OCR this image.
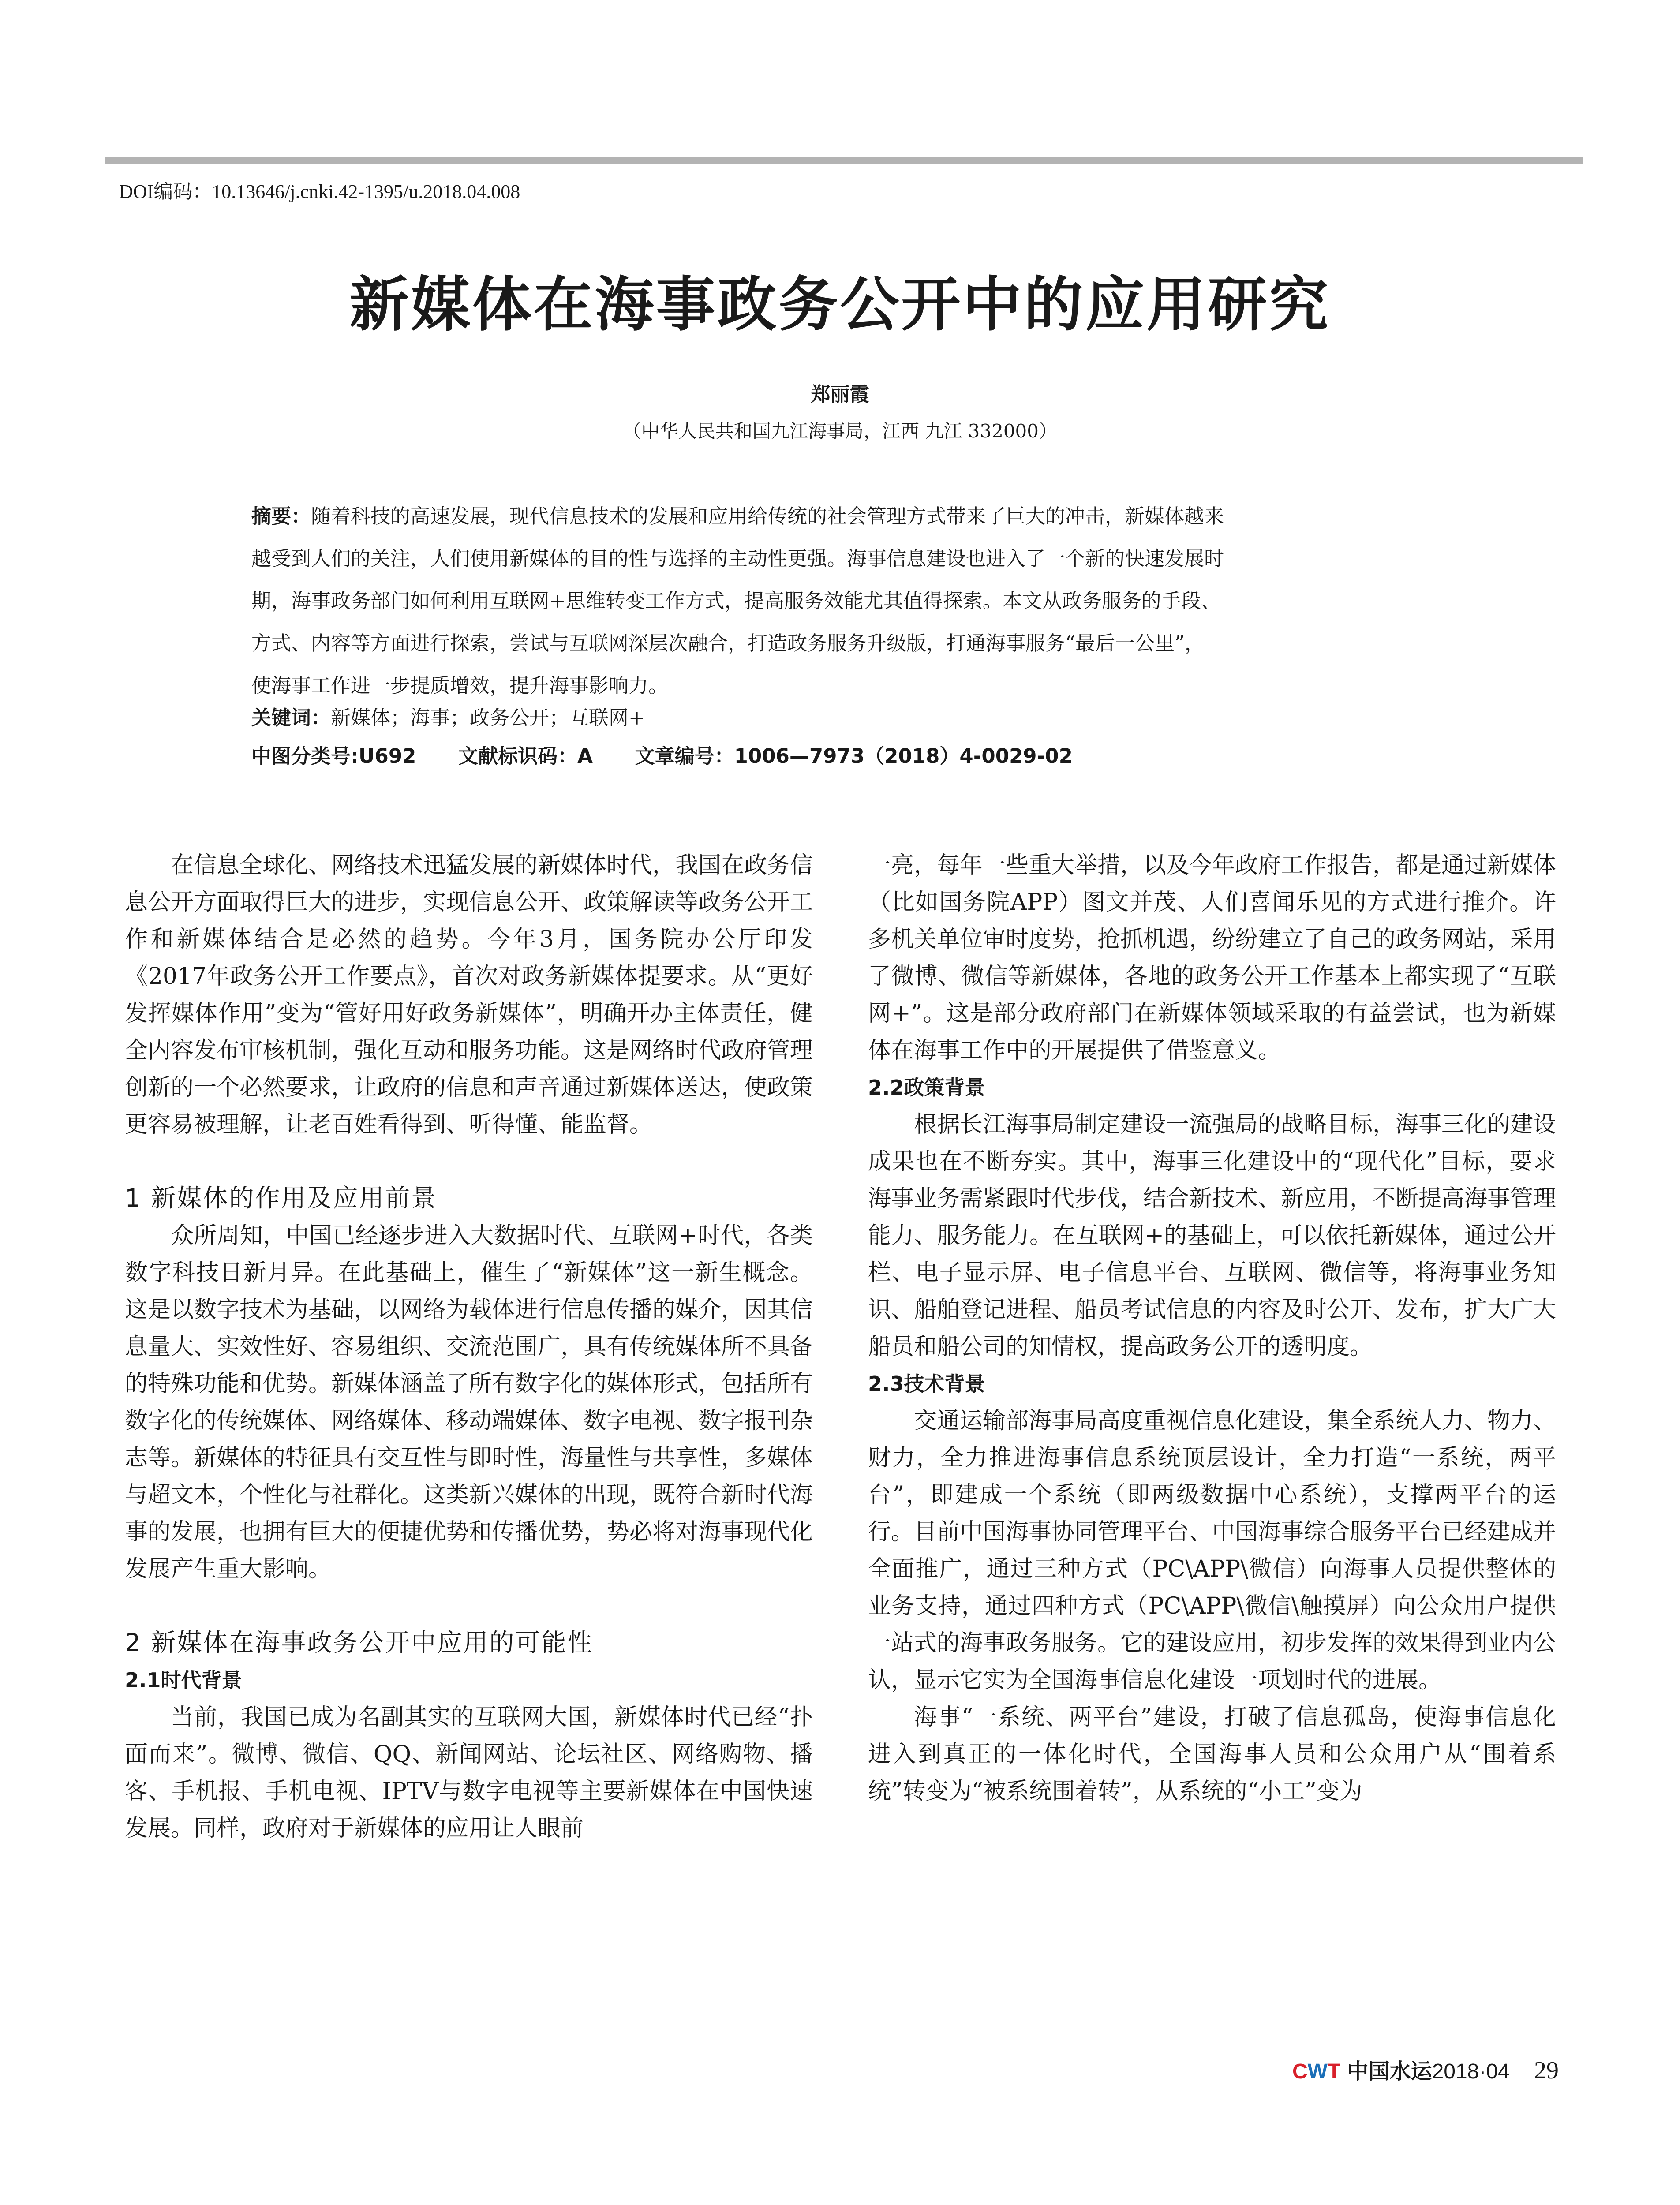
DOI编码：10.13646/j.cnki.42-1395/u.2018.04.008
新媒体在海事政务公开中的应用研究
郑丽霞
（中华人民共和国九江海事局，江西 九江 332000）
摘要：随着科技的高速发展，现代信息技术的发展和应用给传统的社会管理方式带来了巨大的冲击，新媒体越来
越受到人们的关注，人们使用新媒体的目的性与选择的主动性更强。海事信息建设也进入了一个新的快速发展时
期，海事政务部门如何利用互联网+思维转变工作方式，提高服务效能尤其值得探索。本文从政务服务的手段、
方式、内容等方面进行探索，尝试与互联网深层次融合，打造政务服务升级版，打通海事服务“最后一公里”，
使海事工作进一步提质增效，提升海事影响力。
关键词：新媒体；海事；政务公开；互联网+
中图分类号:U692 文献标识码：A 文章编号：1006—7973（2018）4-0029-02

在信息全球化、网络技术迅猛发展的新媒体时代，我国在政务信息公开方面取得巨大的进步，实现信息公开、政策解读等政务公开工作和新媒体结合是必然的趋势。今年3月，国务院办公厅印发《2017年政务公开工作要点》，首次对政务新媒体提要求。从“更好发挥媒体作用”变为“管好用好政务新媒体”，明确开办主体责任，健全内容发布审核机制，强化互动和服务功能。这是网络时代政府管理创新的一个必然要求，让政府的信息和声音通过新媒体送达，使政策更容易被理解，让老百姓看得到、听得懂、能监督。

1 新媒体的作用及应用前景

众所周知，中国已经逐步进入大数据时代、互联网+时代，各类数字科技日新月异。在此基础上，催生了“新媒体”这一新生概念。这是以数字技术为基础，以网络为载体进行信息传播的媒介，因其信息量大、实效性好、容易组织、交流范围广，具有传统媒体所不具备的特殊功能和优势。新媒体涵盖了所有数字化的媒体形式，包括所有数字化的传统媒体、网络媒体、移动端媒体、数字电视、数字报刊杂志等。新媒体的特征具有交互性与即时性，海量性与共享性，多媒体与超文本，个性化与社群化。这类新兴媒体的出现，既符合新时代海事的发展，也拥有巨大的便捷优势和传播优势，势必将对海事现代化发展产生重大影响。

2 新媒体在海事政务公开中应用的可能性
2.1时代背景

当前，我国已成为名副其实的互联网大国，新媒体时代已经“扑面而来”。微博、微信、QQ、新闻网站、论坛社区、网络购物、播客、手机报、手机电视、IPTV与数字电视等主要新媒体在中国快速发展。同样，政府对于新媒体的应用让人眼前

一亮，每年一些重大举措，以及今年政府工作报告，都是通过新媒体（比如国务院APP）图文并茂、人们喜闻乐见的方式进行推介。许多机关单位审时度势，抢抓机遇，纷纷建立了自己的政务网站，采用了微博、微信等新媒体，各地的政务公开工作基本上都实现了“互联网+”。这是部分政府部门在新媒体领域采取的有益尝试，也为新媒体在海事工作中的开展提供了借鉴意义。

2.2政策背景

根据长江海事局制定建设一流强局的战略目标，海事三化的建设成果也在不断夯实。其中，海事三化建设中的“现代化”目标，要求海事业务需紧跟时代步伐，结合新技术、新应用，不断提高海事管理能力、服务能力。在互联网+的基础上，可以依托新媒体，通过公开栏、电子显示屏、电子信息平台、互联网、微信等，将海事业务知识、船舶登记进程、船员考试信息的内容及时公开、发布，扩大广大船员和船公司的知情权，提高政务公开的透明度。

2.3技术背景

交通运输部海事局高度重视信息化建设，集全系统人力、物力、财力，全力推进海事信息系统顶层设计，全力打造“一系统，两平台”，即建成一个系统（即两级数据中心系统），支撑两平台的运行。目前中国海事协同管理平台、中国海事综合服务平台已经建成并全面推广，通过三种方式（PC\APP\微信）向海事人员提供整体的业务支持，通过四种方式（PC\APP\微信\触摸屏）向公众用户提供一站式的海事政务服务。它的建设应用，初步发挥的效果得到业内公认，显示它实为全国海事信息化建设一项划时代的进展。

海事“一系统、两平台”建设，打破了信息孤岛，使海事信息化进入到真正的一体化时代，全国海事人员和公众用户从“围着系统”转变为“被系统围着转”，从系统的“小工”变为

CWT 中国水运2018·04 29
